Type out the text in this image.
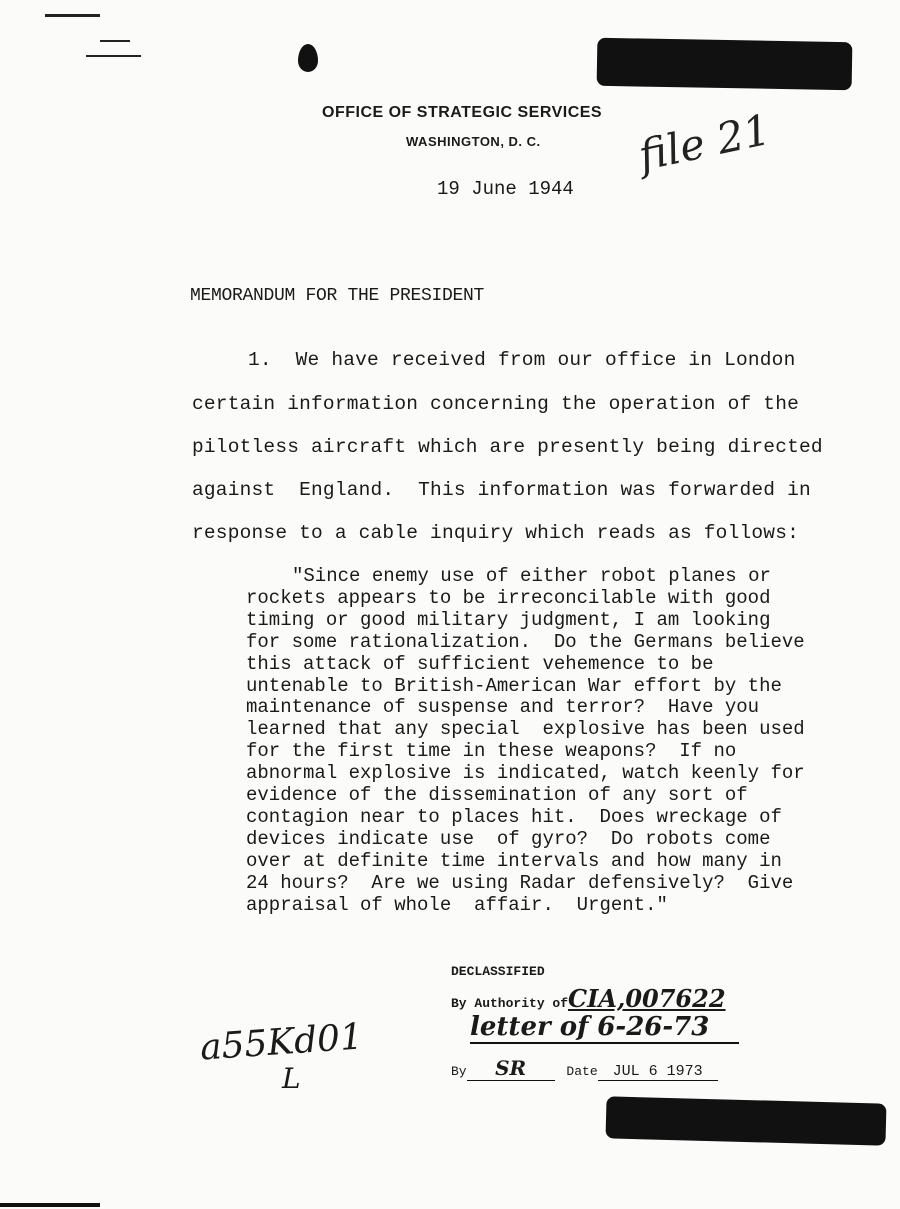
OFFICE OF STRATEGIC SERVICES
WASHINGTON, D. C.
19 June 1944
file 21
MEMORANDUM FOR THE PRESIDENT
1.  We have received from our office in London
certain information concerning the operation of the
pilotless aircraft which are presently being directed
against  England.  This information was forwarded in
response to a cable inquiry which reads as follows:
"Since enemy use of either robot planes or
rockets appears to be irreconcilable with good
timing or good military judgment, I am looking
for some rationalization.  Do the Germans believe
this attack of sufficient vehemence to be
untenable to British-American War effort by the
maintenance of suspense and terror?  Have you
learned that any special  explosive has been used
for the first time in these weapons?  If no
abnormal explosive is indicated, watch keenly for
evidence of the dissemination of any sort of
contagion near to places hit.  Does wreckage of
devices indicate use  of gyro?  Do robots come
over at definite time intervals and how many in
24 hours?  Are we using Radar defensively?  Give
appraisal of whole  affair.  Urgent."
DECLASSIFIED
By Authority ofCIA,007622
letter of 6-26-73
By SR	Date JUL 6 1973
a55Kd01
L
